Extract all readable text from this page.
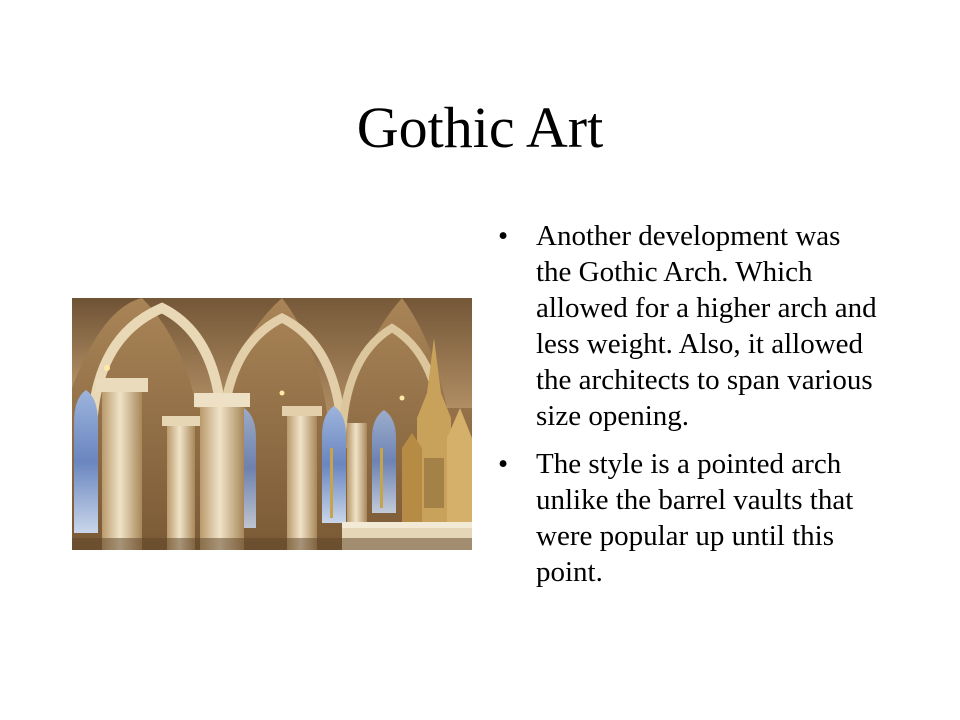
Gothic Art
• Another development was the Gothic Arch. Which allowed for a higher arch and less weight. Also, it allowed the architects to span various size opening.
• The style is a pointed arch unlike the barrel vaults that were popular up until this point.
